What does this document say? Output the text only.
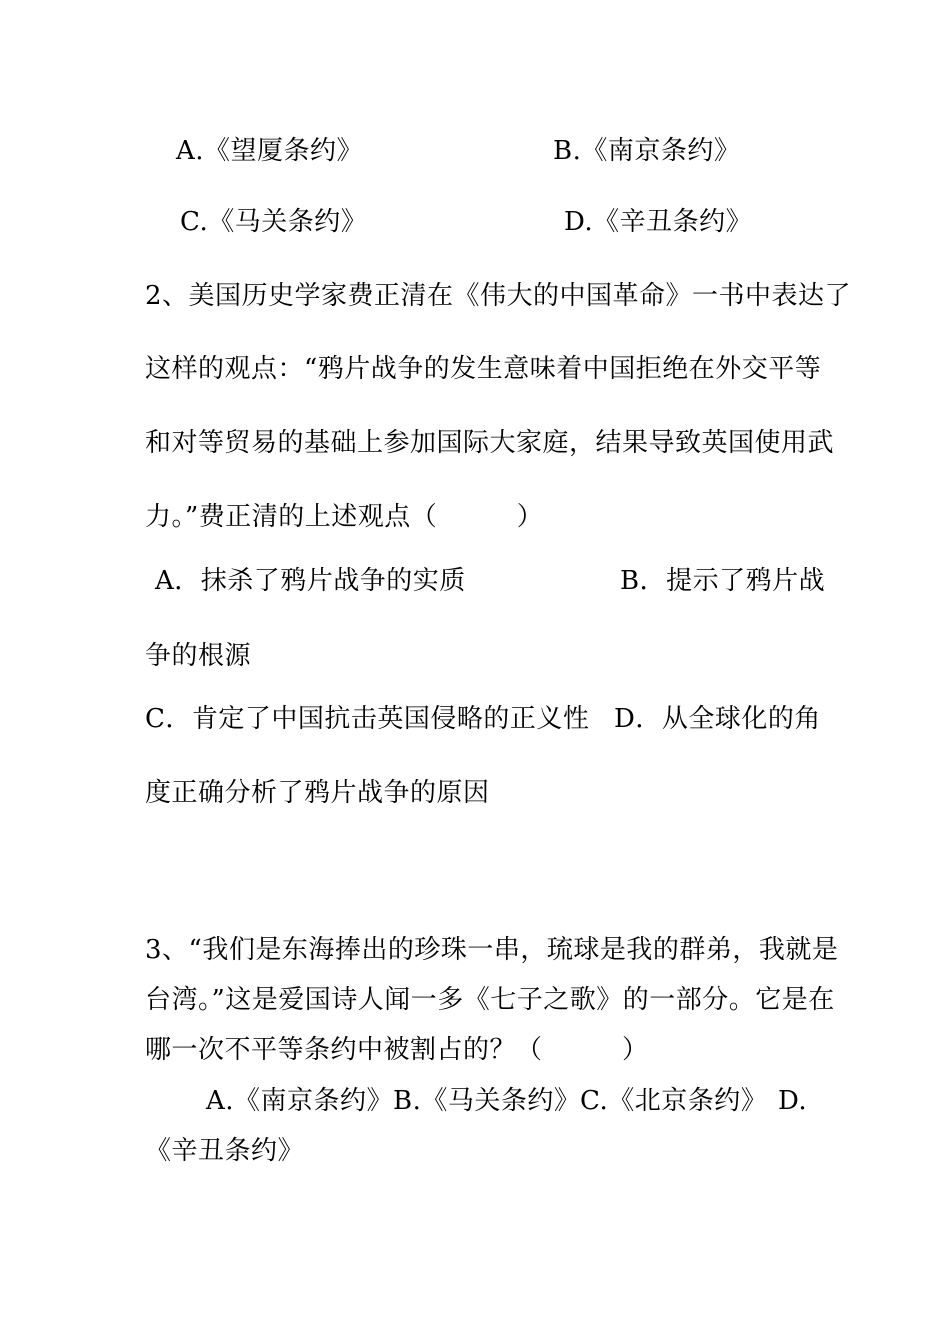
A.《望厦条约》	B.《南京条约》
C.《马关条约》	D.《辛丑条约》
2、美国历史学家费正清在《伟大的中国革命》一书中表达了
这样的观点：“鸦片战争的发生意味着中国拒绝在外交平等
和对等贸易的基础上参加国际大家庭，结果导致英国使用武
力。”费正清的上述观点（　　　）
A．抹杀了鸦片战争的实质	B．提示了鸦片战
争的根源
C．肯定了中国抗击英国侵略的正义性 D．从全球化的角
度正确分析了鸦片战争的原因
3、“我们是东海捧出的珍珠一串，琉球是我的群弟，我就是
台湾。”这是爱国诗人闻一多《七子之歌》的一部分。它是在
哪一次不平等条约中被割占的？（　　　）
A.《南京条约》 B.《马关条约》 C.《北京条约》 D.
《辛丑条约》
